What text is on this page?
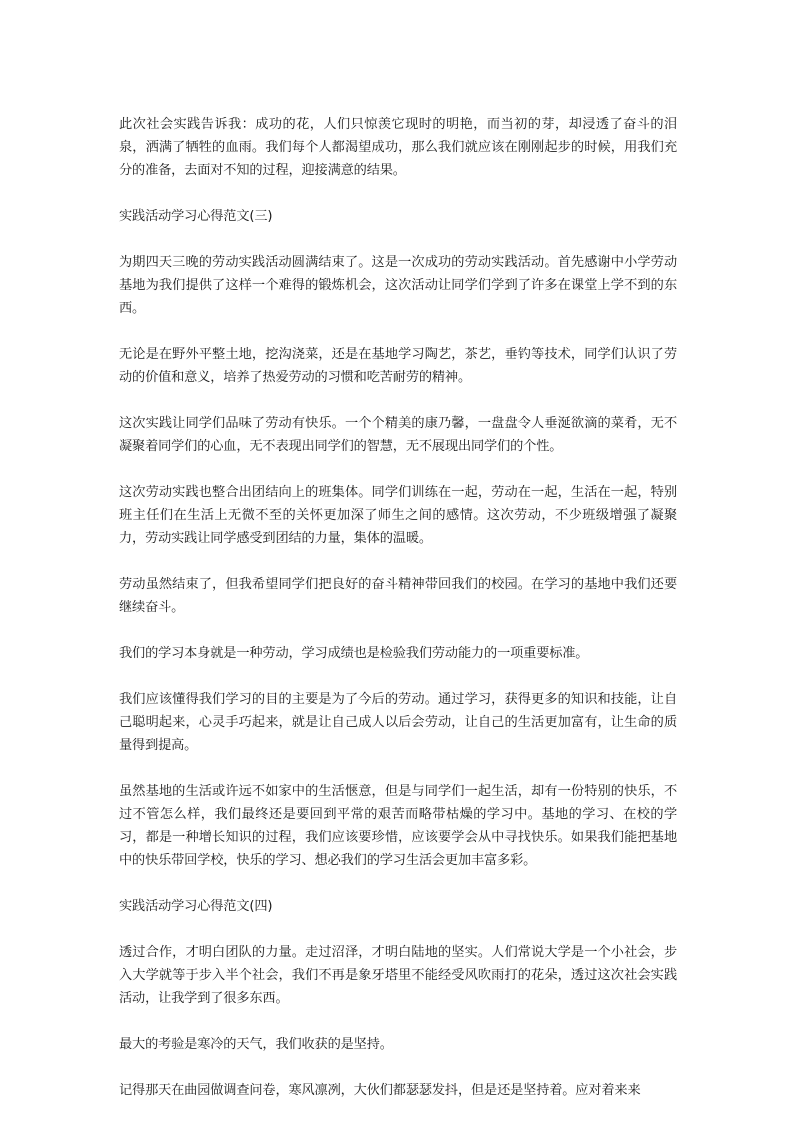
此次社会实践告诉我：成功的花，人们只惊羡它现时的明艳，而当初的芽，却浸透了奋斗的泪泉，洒满了牺牲的血雨。我们每个人都渴望成功，那么我们就应该在刚刚起步的时候，用我们充分的准备，去面对不知的过程，迎接满意的结果。

实践活动学习心得范文(三)

为期四天三晚的劳动实践活动圆满结束了。这是一次成功的劳动实践活动。首先感谢中小学劳动基地为我们提供了这样一个难得的锻炼机会，这次活动让同学们学到了许多在课堂上学不到的东西。

无论是在野外平整土地，挖沟浇菜，还是在基地学习陶艺，茶艺，垂钓等技术，同学们认识了劳动的价值和意义，培养了热爱劳动的习惯和吃苦耐劳的精神。

这次实践让同学们品味了劳动有快乐。一个个精美的康乃馨，一盘盘令人垂涎欲滴的菜肴，无不凝聚着同学们的心血，无不表现出同学们的智慧，无不展现出同学们的个性。

这次劳动实践也整合出团结向上的班集体。同学们训练在一起，劳动在一起，生活在一起，特别班主任们在生活上无微不至的关怀更加深了师生之间的感情。这次劳动，不少班级增强了凝聚力，劳动实践让同学感受到团结的力量，集体的温暖。

劳动虽然结束了，但我希望同学们把良好的奋斗精神带回我们的校园。在学习的基地中我们还要继续奋斗。

我们的学习本身就是一种劳动，学习成绩也是检验我们劳动能力的一项重要标准。

我们应该懂得我们学习的目的主要是为了今后的劳动。通过学习，获得更多的知识和技能，让自己聪明起来，心灵手巧起来，就是让自己成人以后会劳动，让自己的生活更加富有，让生命的质量得到提高。

虽然基地的生活或许远不如家中的生活惬意，但是与同学们一起生活，却有一份特别的快乐，不过不管怎么样，我们最终还是要回到平常的艰苦而略带枯燥的学习中。基地的学习、在校的学习，都是一种增长知识的过程，我们应该要珍惜，应该要学会从中寻找快乐。如果我们能把基地中的快乐带回学校，快乐的学习、想必我们的学习生活会更加丰富多彩。

实践活动学习心得范文(四)

透过合作，才明白团队的力量。走过沼泽，才明白陆地的坚实。人们常说大学是一个小社会，步入大学就等于步入半个社会，我们不再是象牙塔里不能经受风吹雨打的花朵，透过这次社会实践活动，让我学到了很多东西。

最大的考验是寒冷的天气，我们收获的是坚持。

记得那天在曲园做调查问卷，寒风凛冽，大伙们都瑟瑟发抖，但是还是坚持着。应对着来来
